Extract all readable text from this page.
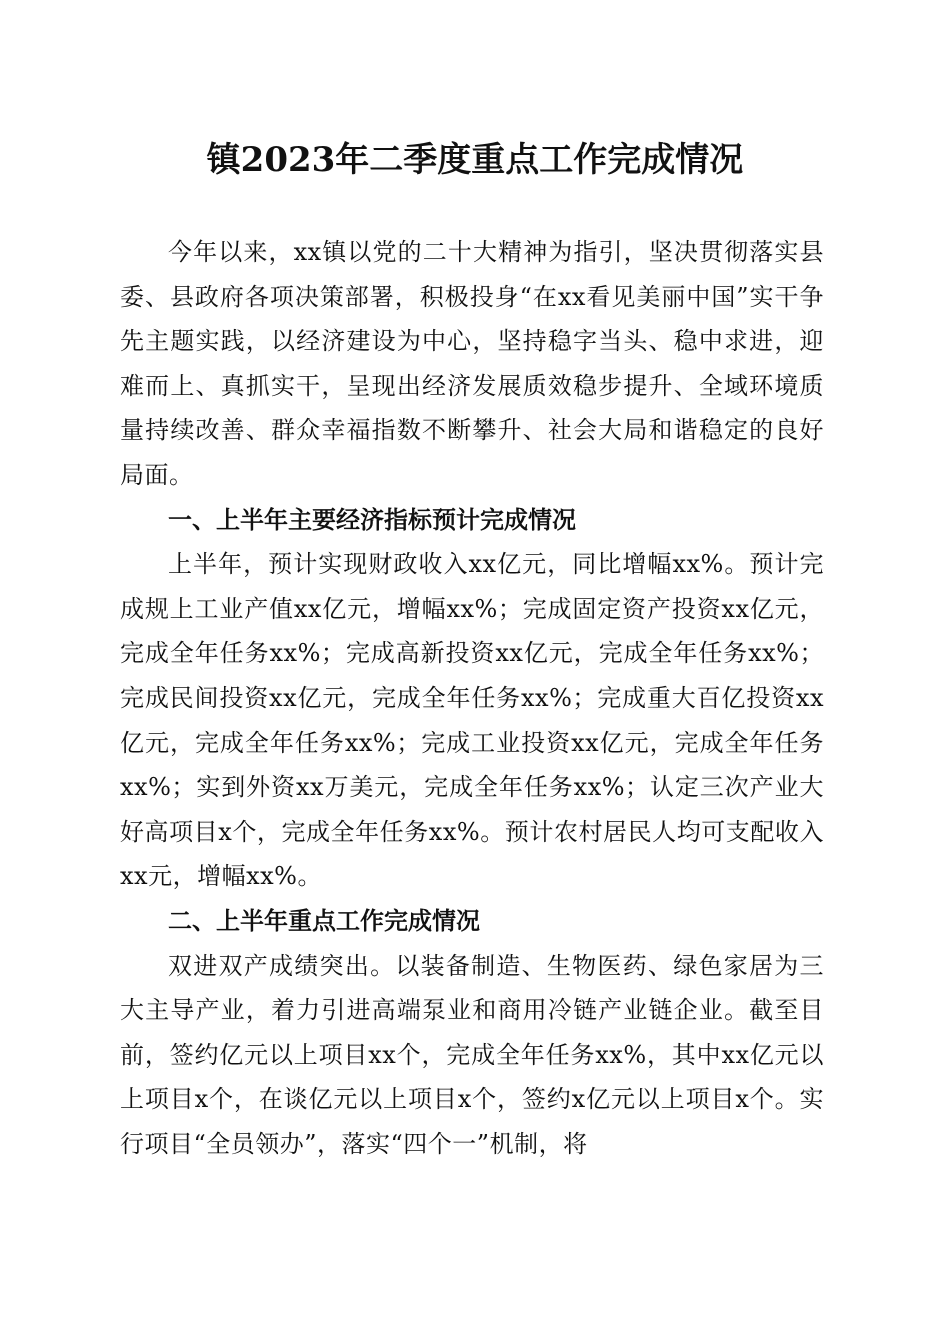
镇2023年二季度重点工作完成情况

今年以来，xx镇以党的二十大精神为指引，坚决贯彻落实县委、县政府各项决策部署，积极投身“在xx看见美丽中国”实干争先主题实践，以经济建设为中心，坚持稳字当头、稳中求进，迎难而上、真抓实干，呈现出经济发展质效稳步提升、全域环境质量持续改善、群众幸福指数不断攀升、社会大局和谐稳定的良好局面。

一、上半年主要经济指标预计完成情况

上半年，预计实现财政收入xx亿元，同比增幅xx%。预计完成规上工业产值xx亿元，增幅xx%；完成固定资产投资xx亿元，完成全年任务xx%；完成高新投资xx亿元，完成全年任务xx%；完成民间投资xx亿元，完成全年任务xx%；完成重大百亿投资xx亿元，完成全年任务xx%；完成工业投资xx亿元，完成全年任务xx%；实到外资xx万美元，完成全年任务xx%；认定三次产业大好高项目x个，完成全年任务xx%。预计农村居民人均可支配收入xx元，增幅xx%。

二、上半年重点工作完成情况

双进双产成绩突出。以装备制造、生物医药、绿色家居为三大主导产业，着力引进高端泵业和商用冷链产业链企业。截至目前，签约亿元以上项目xx个，完成全年任务xx%，其中xx亿元以上项目x个，在谈亿元以上项目x个，签约x亿元以上项目x个。实行项目“全员领办”，落实“四个一”机制，将
